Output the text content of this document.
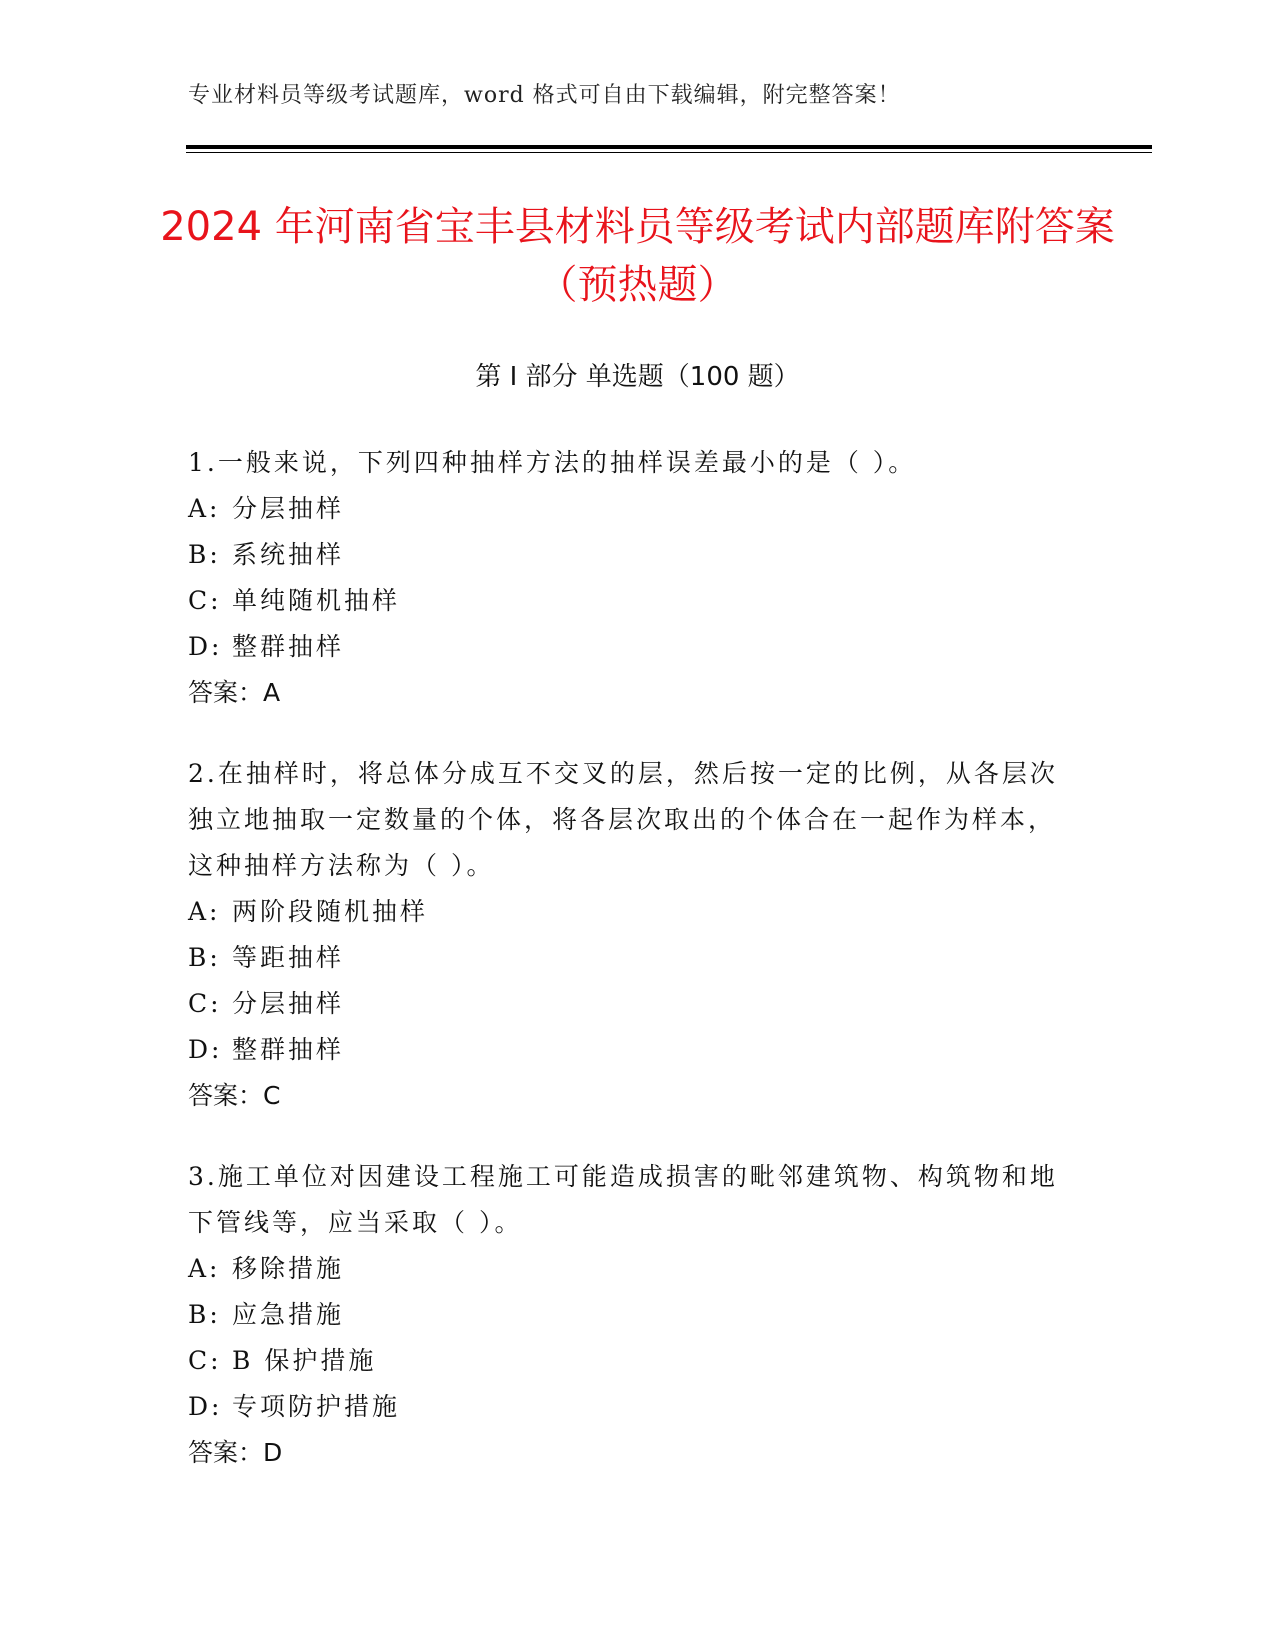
专业材料员等级考试题库，word 格式可自由下载编辑，附完整答案！
2024 年河南省宝丰县材料员等级考试内部题库附答案（预热题）
第 I 部分 单选题（100 题）

1.一般来说，下列四种抽样方法的抽样误差最小的是（ ）。

A: 分层抽样

B: 系统抽样

C: 单纯随机抽样

D: 整群抽样

答案：A

2.在抽样时，将总体分成互不交叉的层，然后按一定的比例，从各层次独立地抽取一定数量的个体，将各层次取出的个体合在一起作为样本，这种抽样方法称为（ ）。

A: 两阶段随机抽样

B: 等距抽样

C: 分层抽样

D: 整群抽样

答案：C

3.施工单位对因建设工程施工可能造成损害的毗邻建筑物、构筑物和地下管线等，应当采取（ ）。

A: 移除措施

B: 应急措施

C: B 保护措施

D: 专项防护措施

答案：D
